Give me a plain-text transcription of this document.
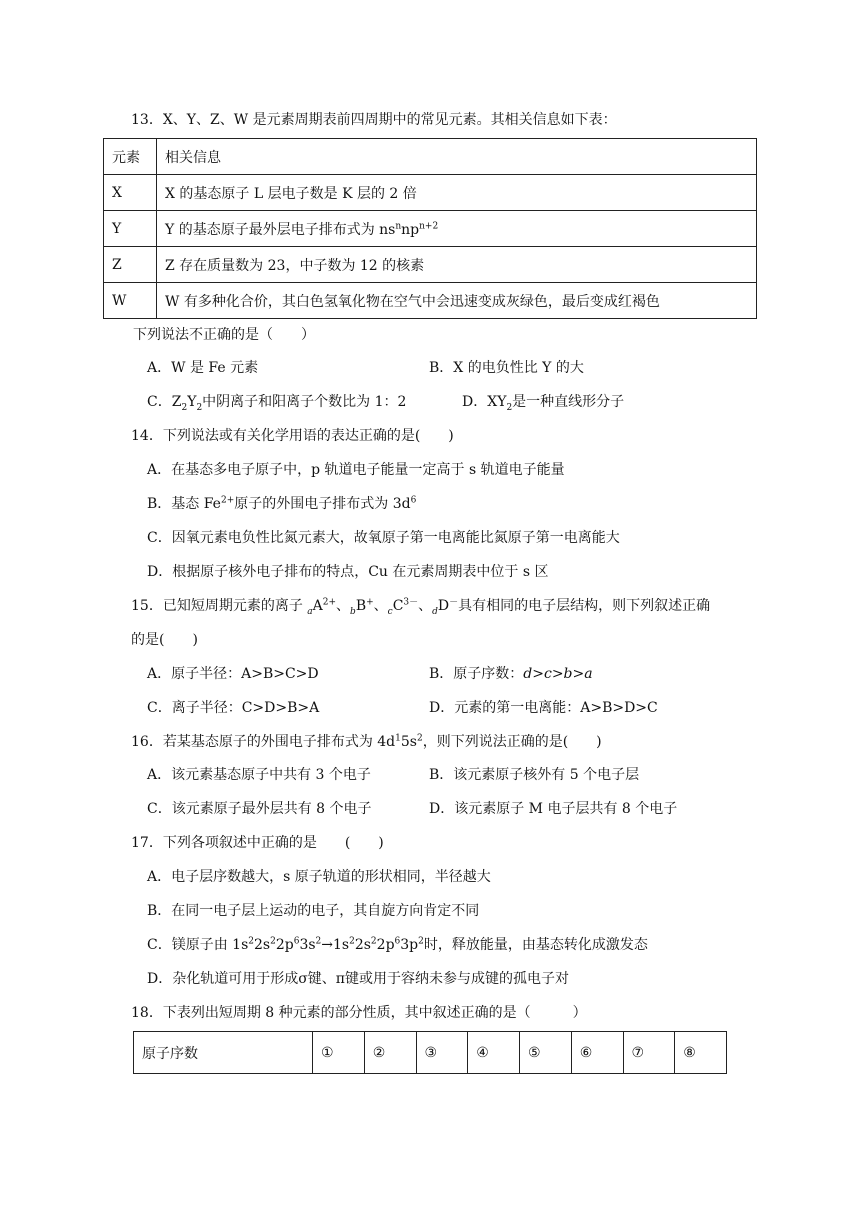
13．X、Y、Z、W 是元素周期表前四周期中的常见元素。其相关信息如下表：
元素	相关信息
X	X 的基态原子 L 层电子数是 K 层的 2 倍
Y	Y 的基态原子最外层电子排布式为 $ns^nnp^{n+2}$
Z	Z 存在质量数为 23，中子数为 12 的核素
W	W 有多种化合价，其白色氢氧化物在空气中会迅速变成灰绿色，最后变成红褐色
下列说法不正确的是（　　）
A．W 是 Fe 元素	B．X 的电负性比 Y 的大
C．$Z_2Y_2$中阴离子和阳离子个数比为 1：2	D．$XY_2$是一种直线形分子
14．下列说法或有关化学用语的表达正确的是(　　)
A．在基态多电子原子中，p 轨道电子能量一定高于 s 轨道电子能量
B．基态 $Fe^{2+}$原子的外围电子排布式为 $3d^6$
C．因氧元素电负性比氮元素大，故氧原子第一电离能比氮原子第一电离能大
D．根据原子核外电子排布的特点，Cu 在元素周期表中位于 s 区
15．已知短周期元素的离子 $_aA^{2+}$、$_b$B+、$_cC^{3-}$、$_d$D－具有相同的电子层结构，则下列叙述正确
的是(　　)
A．原子半径：A>B>C>D	B．原子序数：d>c>b>a
C．离子半径：C>D>B>A	D．元素的第一电离能：A>B>D>C
16．若某基态原子的外围电子排布式为 $4d^15s^2$，则下列说法正确的是(　　)
A．该元素基态原子中共有 3 个电子	B．该元素原子核外有 5 个电子层
C．该元素原子最外层共有 8 个电子	D．该元素原子 M 电子层共有 8 个电子
17．下列各项叙述中正确的是　　(　　)
A．电子层序数越大，s 原子轨道的形状相同，半径越大
B．在同一电子层上运动的电子，其自旋方向肯定不同
C．镁原子由 $1s^22s^22p^63s^2\to 1s^22s^22p^63p^2$时，释放能量，由基态转化成激发态
D．杂化轨道可用于形成σ键、π键或用于容纳未参与成键的孤电子对
18．下表列出短周期 8 种元素的部分性质，其中叙述正确的是（　　　）
原子序数	①	②	③	④	⑤	⑥	⑦	⑧
